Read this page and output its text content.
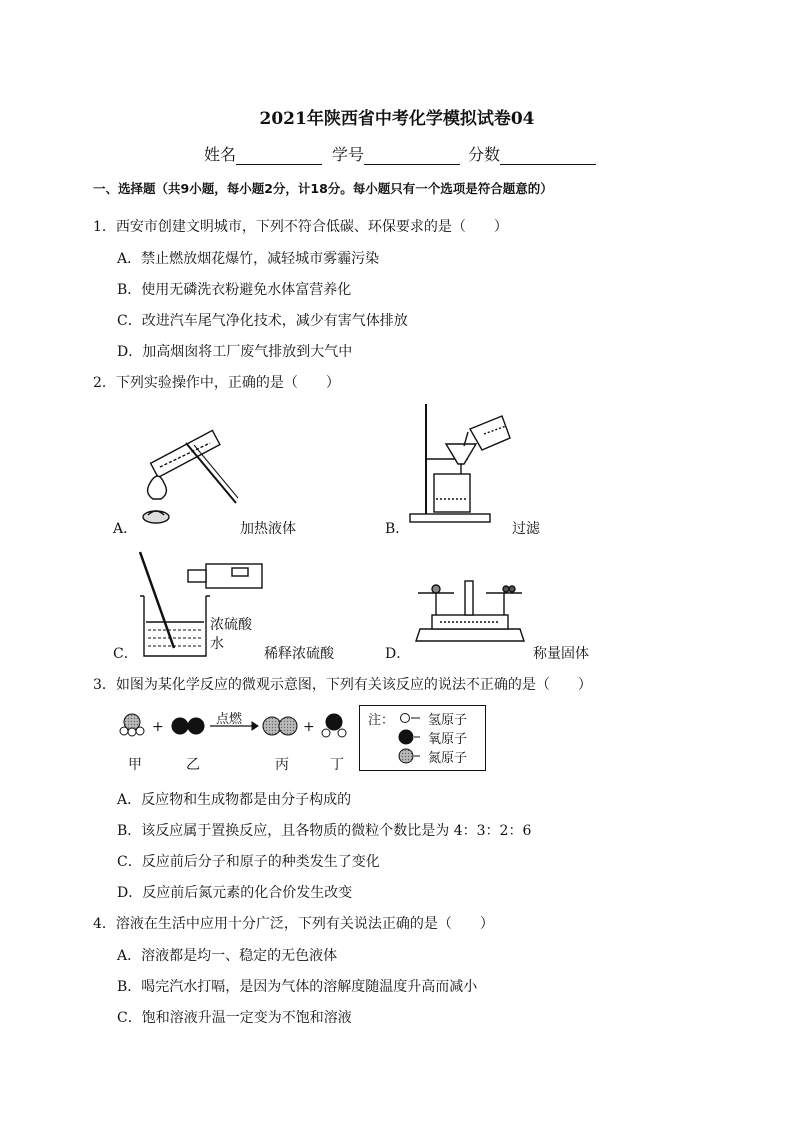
2021年陕西省中考化学模拟试卷04
姓名	学号	分数
一、选择题（共9小题，每小题2分，计18分。每小题只有一个选项是符合题意的）
1．西安市创建文明城市，下列不符合低碳、环保要求的是（　　）
A．禁止燃放烟花爆竹，减轻城市雾霾污染
B．使用无磷洗衣粉避免水体富营养化
C．改进汽车尾气净化技术，减少有害气体排放
D．加高烟囱将工厂废气排放到大气中
2．下列实验操作中，正确的是（　　）
A．	加热液体	B．	过滤
浓硫酸
水
C．	稀释浓硫酸	D．	称量固体
3．如图为某化学反应的微观示意图，下列有关该反应的说法不正确的是（　　）
+	+
点燃
甲	乙	丙	丁
注：	氢原子
氧原子
氮原子
A．反应物和生成物都是由分子构成的
B．该反应属于置换反应，且各物质的微粒个数比是为 4：3：2：6
C．反应前后分子和原子的种类发生了变化
D．反应前后氮元素的化合价发生改变
4．溶液在生活中应用十分广泛，下列有关说法正确的是（　　）
A．溶液都是均一、稳定的无色液体
B．喝完汽水打嗝，是因为气体的溶解度随温度升高而减小
C．饱和溶液升温一定变为不饱和溶液
